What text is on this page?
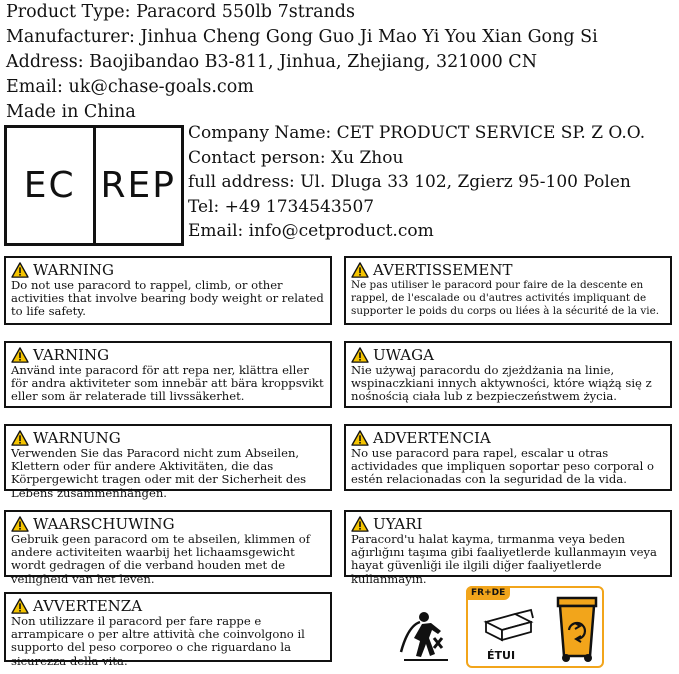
Product Type: Paracord 550lb 7strands
Manufacturer: Jinhua Cheng Gong Guo Ji Mao Yi You Xian Gong Si
Address: Baojibandao B3-811, Jinhua, Zhejiang, 321000 CN
Email: uk@chase-goals.com
Made in China
EC REP
Company Name: CET PRODUCT SERVICE SP. Z O.O.
Contact person: Xu Zhou
full address: Ul. Dluga 33 102, Zgierz 95-100 Polen
Tel: +49 1734543507
Email: info@cetproduct.com
WARNING
Do not use paracord to rappel, climb, or other activities that involve bearing body weight or related to life safety.
AVERTISSEMENT
Ne pas utiliser le paracord pour faire de la descente en rappel, de l'escalade ou d'autres activités impliquant de supporter le poids du corps ou liées à la sécurité de la vie.
VARNING
Använd inte paracord för att repa ner, klättra eller för andra aktiviteter som innebär att bära kroppsvikt eller som är relaterade till livssäkerhet.
UWAGA
Nie używaj paracordu do zjeżdżania na linie, wspinaczkiani innych aktywności, które wiążą się z nośnością ciała lub z bezpieczeństwem życia.
WARNUNG
Verwenden Sie das Paracord nicht zum Abseilen, Klettern oder für andere Aktivitäten, die das Körpergewicht tragen oder mit der Sicherheit des Lebens zusammenhängen.
ADVERTENCIA
No use paracord para rapel, escalar u otras actividades que impliquen soportar peso corporal o estén relacionadas con la seguridad de la vida.
WAARSCHUWING
Gebruik geen paracord om te abseilen, klimmen of andere activiteiten waarbij het lichaamsgewicht wordt gedragen of die verband houden met de veiligheid van het leven.
UYARI
Paracord'u halat kayma, tırmanma veya beden ağırlığını taşıma gibi faaliyetlerde kullanmayın veya hayat güvenliği ile ilgili diğer faaliyetlerde kullanmayın.
AVVERTENZA
Non utilizzare il paracord per fare rappe e arrampicare o per altre attività che coinvolgono il supporto del peso corporeo o che riguardano la sicurezza della vita.
FR+DE
ÉTUI
